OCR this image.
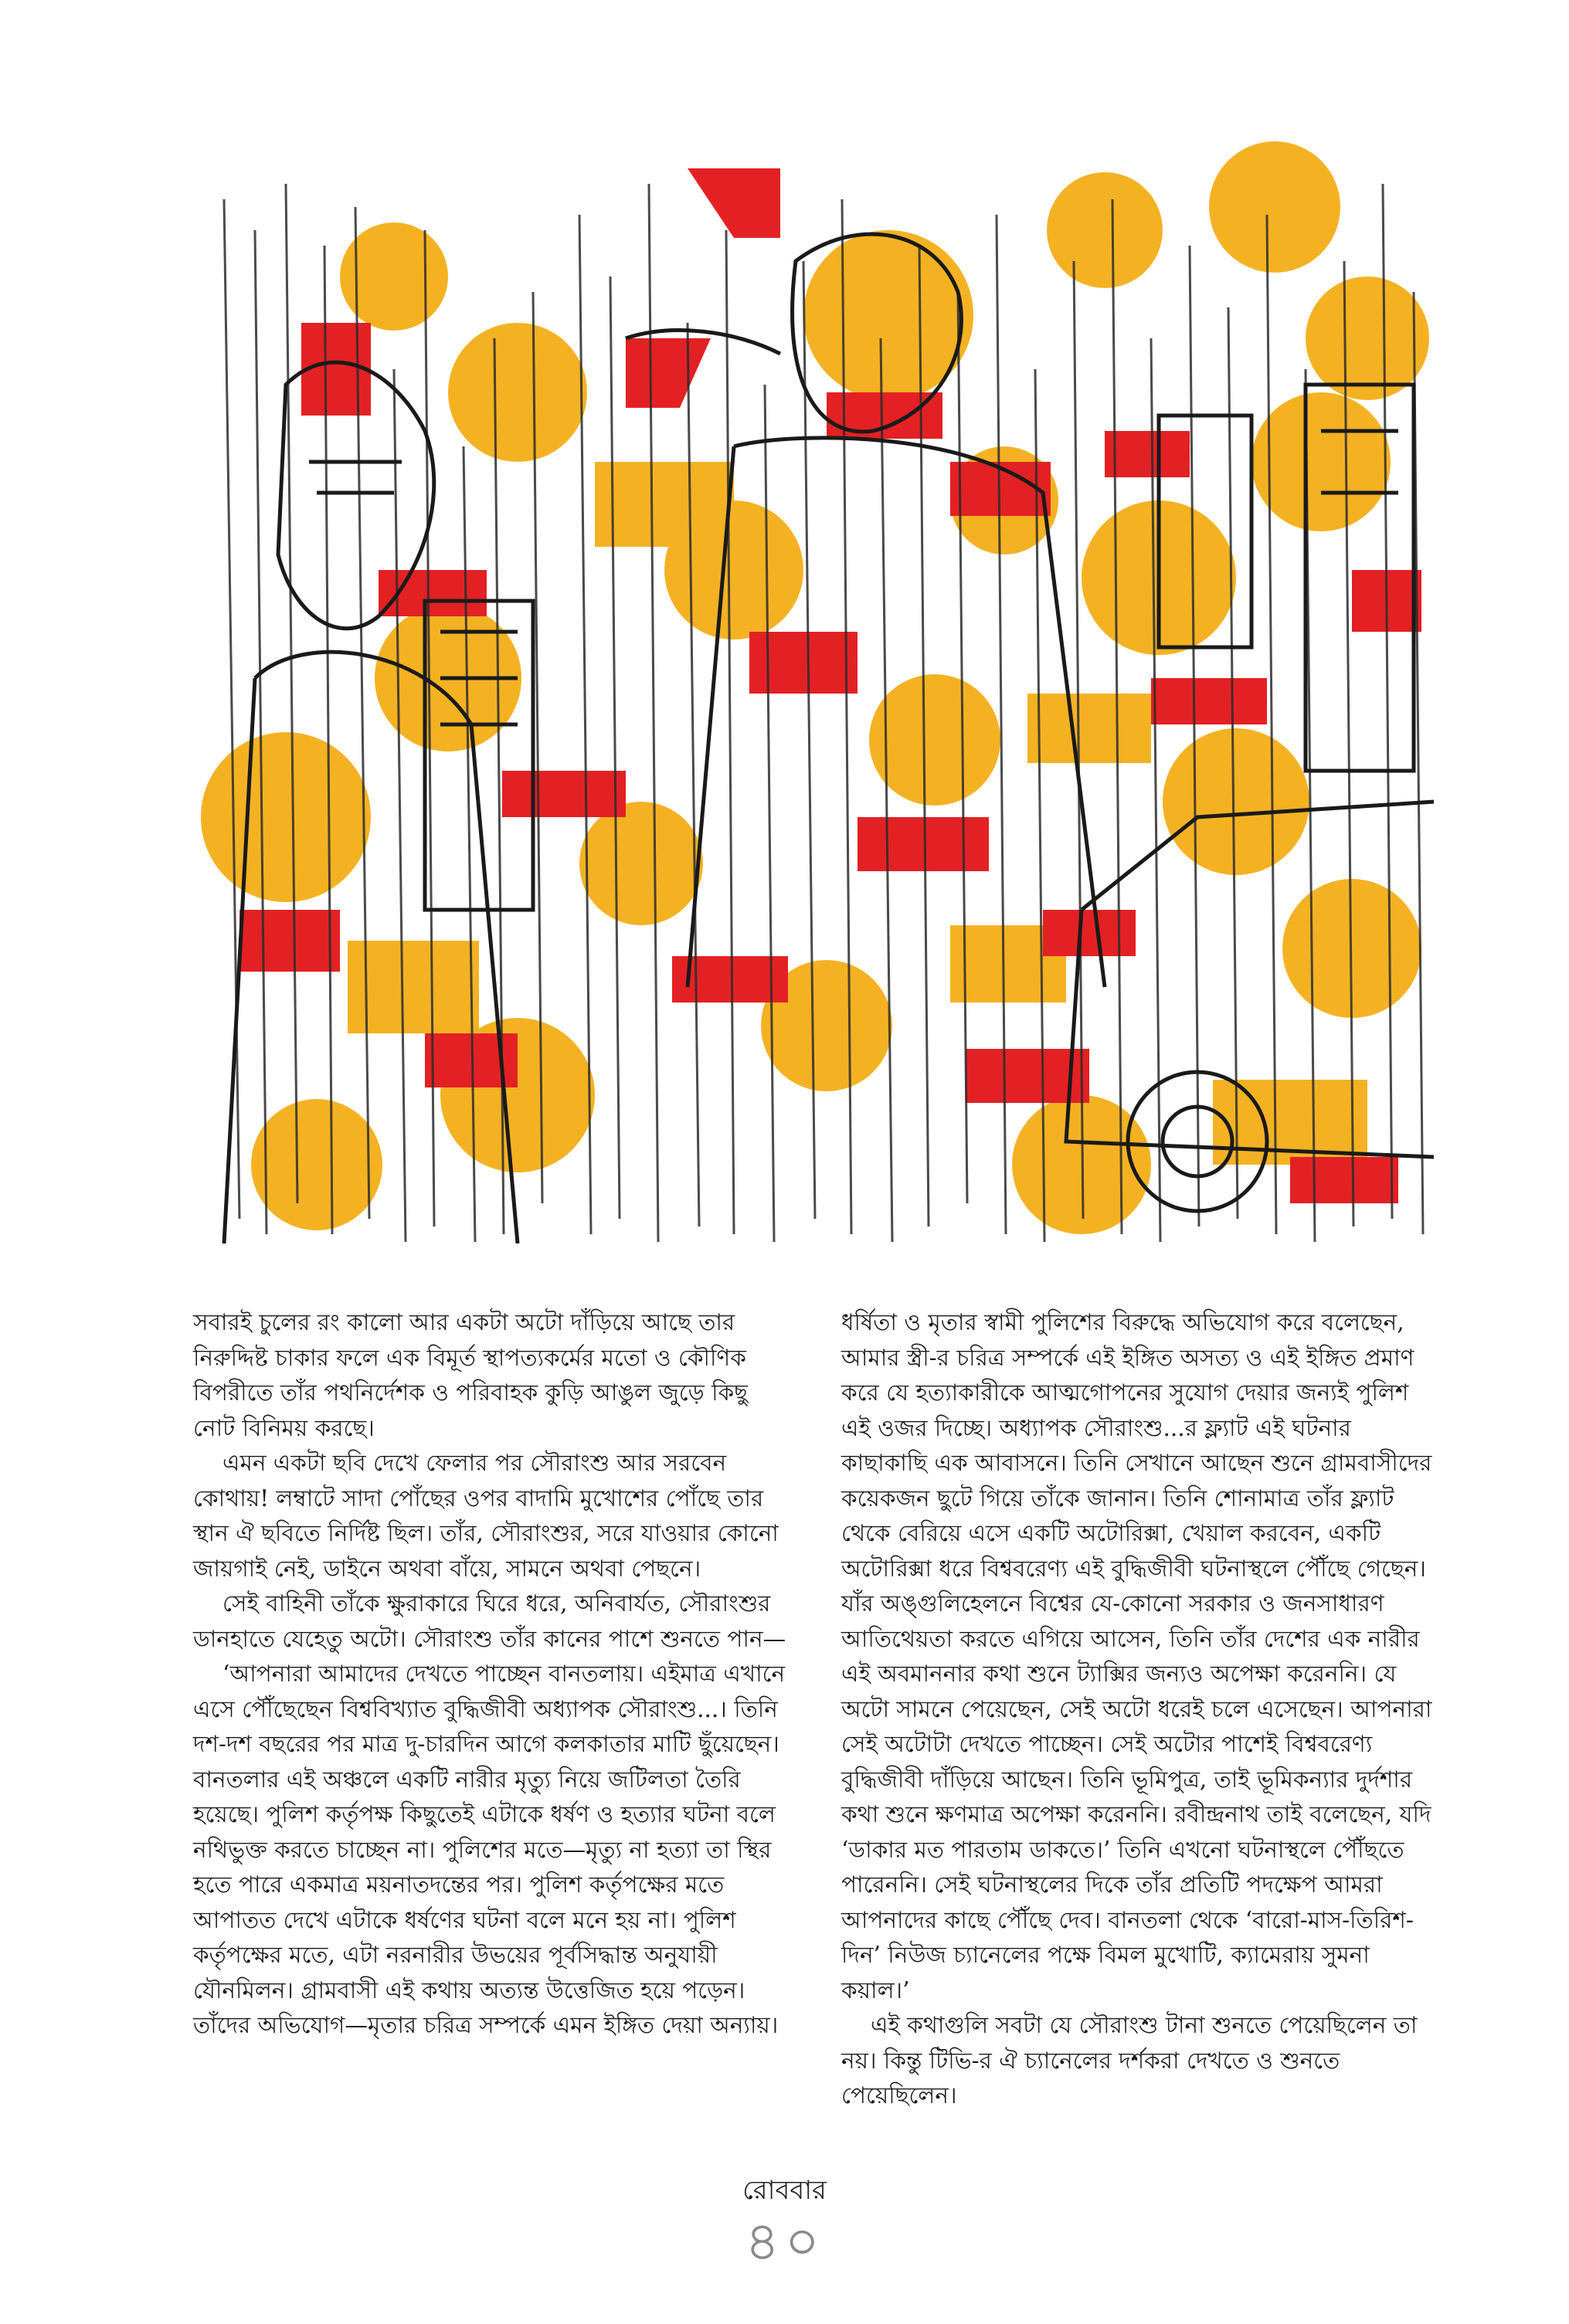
সবারই চুলের রং কালো আর একটা অটো দাঁড়িয়ে আছে তার নিরুদ্দিষ্ট চাকার ফলে এক বিমূর্ত স্থাপত্যকর্মের মতো ও কৌণিক বিপরীতে তাঁর পথনির্দেশক ও পরিবাহক কুড়ি আঙুল জুড়ে কিছু নোট বিনিময় করছে।

এমন একটা ছবি দেখে ফেলার পর সৌরাংশু আর সরবেন কোথায়! লম্বাটে সাদা পোঁছের ওপর বাদামি মুখোশের পোঁছে তার স্থান ঐ ছবিতে নির্দিষ্ট ছিল। তাঁর, সৌরাংশুর, সরে যাওয়ার কোনো জায়গাই নেই, ডাইনে অথবা বাঁয়ে, সামনে অথবা পেছনে।

সেই বাহিনী তাঁকে ক্ষুরাকারে ঘিরে ধরে, অনিবার্যত, সৌরাংশুর ডানহাতে যেহেতু অটো। সৌরাংশু তাঁর কানের পাশে শুনতে পান—

‘আপনারা আমাদের দেখতে পাচ্ছেন বানতলায়। এইমাত্র এখানে এসে পৌঁছেছেন বিশ্ববিখ্যাত বুদ্ধিজীবী অধ্যাপক সৌরাংশু...। তিনি দশ-দশ বছরের পর মাত্র দু-চারদিন আগে কলকাতার মাটি ছুঁয়েছেন। বানতলার এই অঞ্চলে একটি নারীর মৃত্যু নিয়ে জটিলতা তৈরি হয়েছে। পুলিশ কর্তৃপক্ষ কিছুতেই এটাকে ধর্ষণ ও হত্যার ঘটনা বলে নথিভুক্ত করতে চাচ্ছেন না। পুলিশের মতে—মৃত্যু না হত্যা তা স্থির হতে পারে একমাত্র ময়নাতদন্তের পর। পুলিশ কর্তৃপক্ষের মতে আপাতত দেখে এটাকে ধর্ষণের ঘটনা বলে মনে হয় না। পুলিশ কর্তৃপক্ষের মতে, এটা নরনারীর উভয়ের পূর্বসিদ্ধান্ত অনুযায়ী যৌনমিলন। গ্রামবাসী এই কথায় অত্যন্ত উত্তেজিত হয়ে পড়েন। তাঁদের অভিযোগ—মৃতার চরিত্র সম্পর্কে এমন ইঙ্গিত দেয়া অন্যায়।

ধর্ষিতা ও মৃতার স্বামী পুলিশের বিরুদ্ধে অভিযোগ করে বলেছেন, আমার স্ত্রী-র চরিত্র সম্পর্কে এই ইঙ্গিত অসত্য ও এই ইঙ্গিত প্রমাণ করে যে হত্যাকারীকে আত্মগোপনের সুযোগ দেয়ার জন্যই পুলিশ এই ওজর দিচ্ছে। অধ্যাপক সৌরাংশু...র ফ্ল্যাট এই ঘটনার কাছাকাছি এক আবাসনে। তিনি সেখানে আছেন শুনে গ্রামবাসীদের কয়েকজন ছুটে গিয়ে তাঁকে জানান। তিনি শোনামাত্র তাঁর ফ্ল্যাট থেকে বেরিয়ে এসে একটি অটোরিক্সা, খেয়াল করবেন, একটি অটোরিক্সা ধরে বিশ্ববরেণ্য এই বুদ্ধিজীবী ঘটনাস্থলে পৌঁছে গেছেন। যাঁর অঙ্গুলিহেলনে বিশ্বের যে-কোনো সরকার ও জনসাধারণ আতিথেয়তা করতে এগিয়ে আসেন, তিনি তাঁর দেশের এক নারীর এই অবমাননার কথা শুনে ট্যাক্সির জন্যও অপেক্ষা করেননি। যে অটো সামনে পেয়েছেন, সেই অটো ধরেই চলে এসেছেন। আপনারা সেই অটোটা দেখতে পাচ্ছেন। সেই অটোর পাশেই বিশ্ববরেণ্য বুদ্ধিজীবী দাঁড়িয়ে আছেন। তিনি ভূমিপুত্র, তাই ভূমিকন্যার দুর্দশার কথা শুনে ক্ষণমাত্র অপেক্ষা করেননি। রবীন্দ্রনাথ তাই বলেছেন, যদি ‘ডাকার মত পারতাম ডাকতে।’ তিনি এখনো ঘটনাস্থলে পৌঁছতে পারেননি। সেই ঘটনাস্থলের দিকে তাঁর প্রতিটি পদক্ষেপ আমরা আপনাদের কাছে পৌঁছে দেব। বানতলা থেকে ‘বারো-মাস-তিরিশ-দিন’ নিউজ চ্যানেলের পক্ষে বিমল মুখোটি, ক্যামেরায় সুমনা কয়াল।’

এই কথাগুলি সবটা যে সৌরাংশু টানা শুনতে পেয়েছিলেন তা নয়। কিন্তু টিভি-র ঐ চ্যানেলের দর্শকরা দেখতে ও শুনতে পেয়েছিলেন।

রোববার
৪০
